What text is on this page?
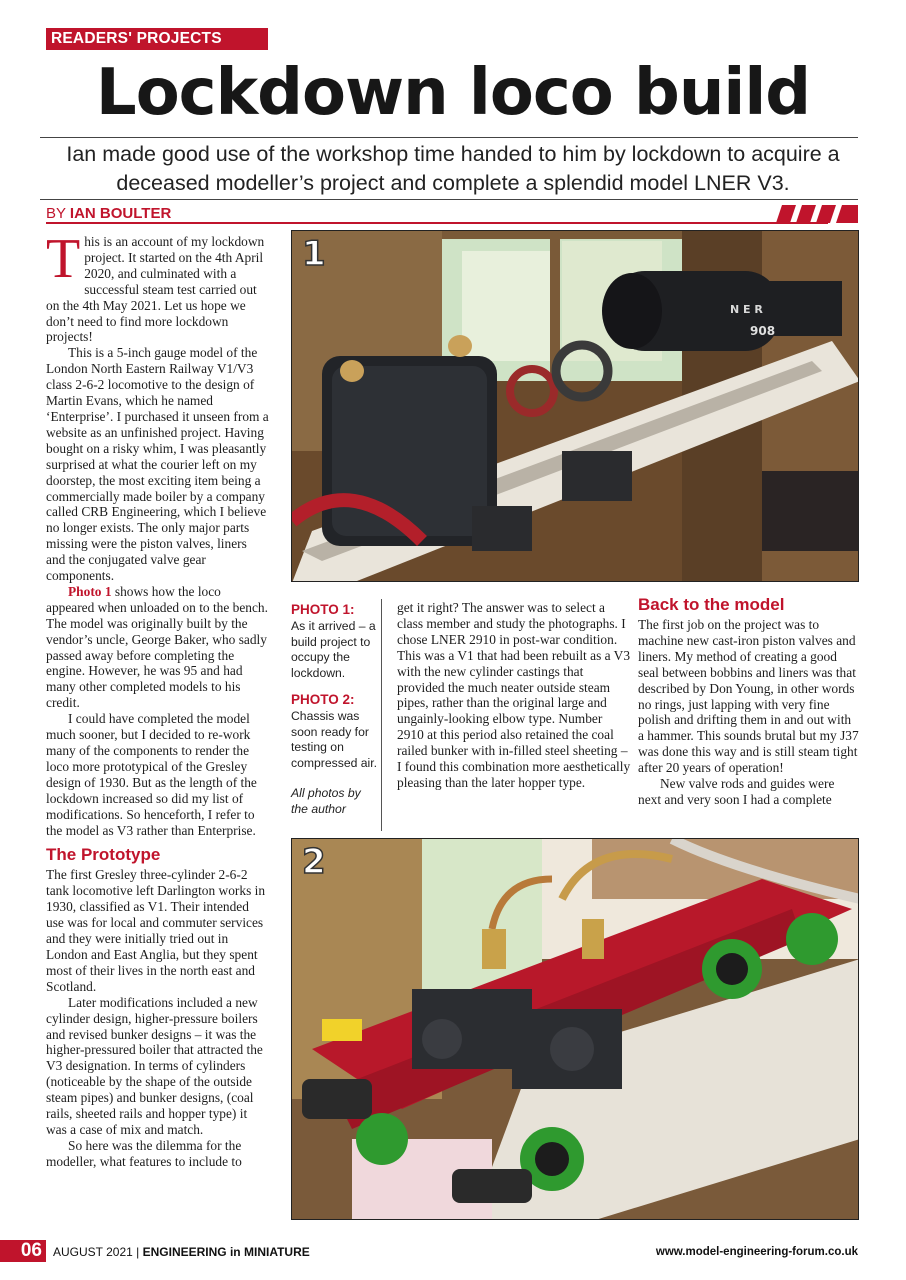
READERS' PROJECTS
Lockdown loco build

Ian made good use of the workshop time handed to him by lockdown to acquire a deceased modeller’s project and complete a splendid model LNER V3.

BY IAN BOULTER

This is an account of my lockdown project. It started on the 4th April 2020, and culminated with a successful steam test carried out on the 4th May 2021. Let us hope we don’t need to find more lockdown projects!

This is a 5-inch gauge model of the London North Eastern Railway V1/V3 class 2-6-2 locomotive to the design of Martin Evans, which he named ‘Enterprise’. I purchased it unseen from a website as an unfinished project. Having bought on a risky whim, I was pleasantly surprised at what the courier left on my doorstep, the most exciting item being a commercially made boiler by a company called CRB Engineering, which I believe no longer exists. The only major parts missing were the piston valves, liners and the conjugated valve gear components.

Photo 1 shows how the loco appeared when unloaded on to the bench. The model was originally built by the vendor’s uncle, George Baker, who sadly passed away before completing the engine. However, he was 95 and had many other completed models to his credit.

I could have completed the model much sooner, but I decided to re-work many of the components to render the loco more prototypical of the Gresley design of 1930. But as the length of the lockdown increased so did my list of modifications. So henceforth, I refer to the model as V3 rather than Enterprise.

The Prototype

The first Gresley three-cylinder 2-6-2 tank locomotive left Darlington works in 1930, classified as V1. Their intended use was for local and commuter services and they were initially tried out in London and East Anglia, but they spent most of their lives in the north east and Scotland.

Later modifications included a new cylinder design, higher-pressure boilers and revised bunker designs – it was the higher-pressured boiler that attracted the V3 designation. In terms of cylinders (noticeable by the shape of the outside steam pipes) and bunker designs, (coal rails, sheeted rails and hopper type) it was a case of mix and match.

So here was the dilemma for the modeller, what features to include to

N E R
908
1
PHOTO 1:

As it arrived – a build project to occupy the lockdown.

PHOTO 2:

Chassis was soon ready for testing on compressed air.

All photos by the author

get it right? The answer was to select a class member and study the photographs. I chose LNER 2910 in post-war condition. This was a V1 that had been rebuilt as a V3 with the new cylinder castings that provided the much neater outside steam pipes, rather than the original large and ungainly-looking elbow type. Number 2910 at this period also retained the coal railed bunker with in-filled steel sheeting – I found this combination more aesthetically pleasing than the later hopper type.

Back to the model

The first job on the project was to machine new cast-iron piston valves and liners. My method of creating a good seal between bobbins and liners was that described by Don Young, in other words no rings, just lapping with very fine polish and drifting them in and out with a hammer. This sounds brutal but my J37 was done this way and is still steam tight after 20 years of operation!

New valve rods and guides were next and very soon I had a complete

2
06 AUGUST 2021 | ENGINEERING in MINIATURE	www.model-engineering-forum.co.uk
